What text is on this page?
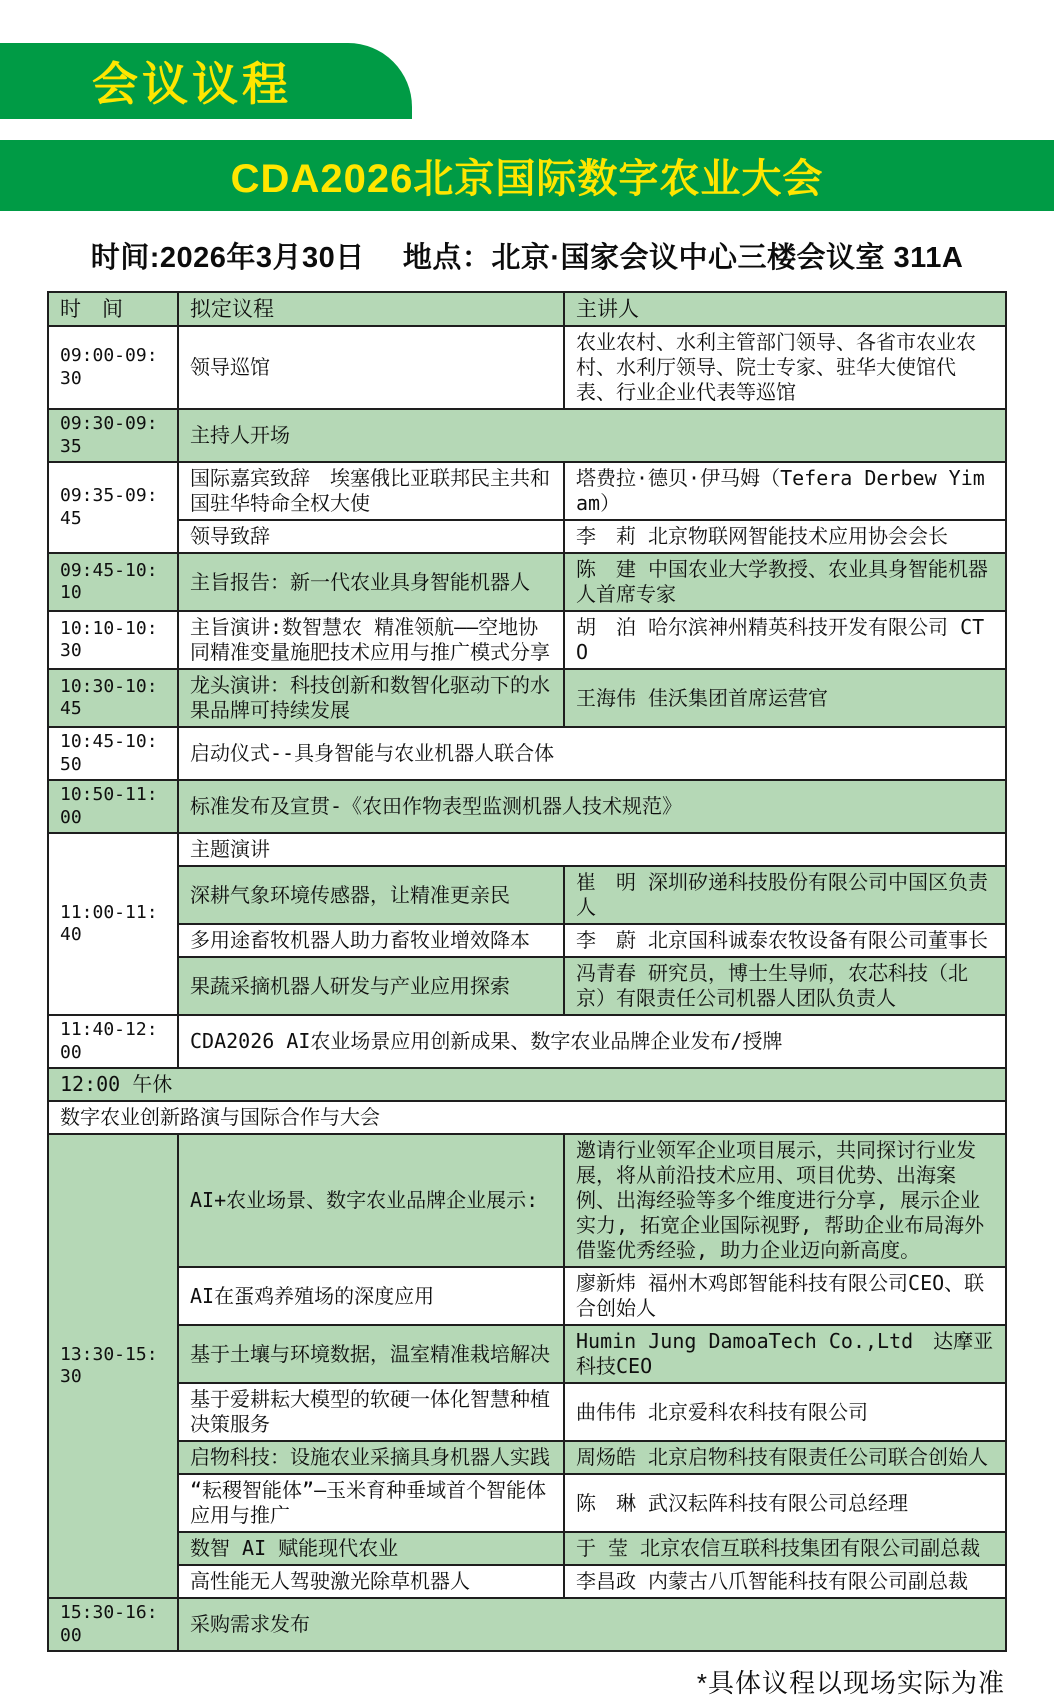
会议议程
CDA2026北京国际数字农业大会
时间:2026年3月30日　 地点：北京·国家会议中心三楼会议室 311A
时　间	拟定议程	主讲人
09:00-09:30	领导巡馆	农业农村、水利主管部门领导、各省市农业农村、水利厅领导、院士专家、驻华大使馆代表、行业企业代表等巡馆
09:30-09:35	主持人开场	
09:35-09:45	国际嘉宾致辞　埃塞俄比亚联邦民主共和国驻华特命全权大使	塔费拉·德贝·伊马姆（Tefera Derbew Yimam）
	领导致辞	李　莉 北京物联网智能技术应用协会会长
09:45-10:10	主旨报告：新一代农业具身智能机器人	陈　建 中国农业大学教授、农业具身智能机器人首席专家
10:10-10:30	主旨演讲:数智慧农 精准领航——空地协同精准变量施肥技术应用与推广模式分享	胡　泊 哈尔滨神州精英科技开发有限公司 CTO
10:30-10:45	龙头演讲：科技创新和数智化驱动下的水果品牌可持续发展	王海伟 佳沃集团首席运营官
10:45-10:50	启动仪式--具身智能与农业机器人联合体	
10:50-11:00	标准发布及宣贯-《农田作物表型监测机器人技术规范》	
11:00-11:40	主题演讲	
	深耕气象环境传感器，让精准更亲民	崔　明 深圳矽递科技股份有限公司中国区负责人
	多用途畜牧机器人助力畜牧业增效降本	李　蔚 北京国科诚泰农牧设备有限公司董事长
	果蔬采摘机器人研发与产业应用探索	冯青春 研究员，博士生导师，农芯科技（北京）有限责任公司机器人团队负责人
11:40-12:00	CDA2026 AI农业场景应用创新成果、数字农业品牌企业发布/授牌	
12:00 午休		
数字农业创新路演与国际合作与大会		
13:30-15:30	AI+农业场景、数字农业品牌企业展示:	邀请行业领军企业项目展示，共同探讨行业发展，将从前沿技术应用、项目优势、出海案例、出海经验等多个维度进行分享, 展示企业实力, 拓宽企业国际视野, 帮助企业布局海外借鉴优秀经验, 助力企业迈向新高度。
	AI在蛋鸡养殖场的深度应用	廖新炜 福州木鸡郎智能科技有限公司CEO、联合创始人
	基于土壤与环境数据，温室精准栽培解决	Humin Jung DamoaTech Co.,Ltd　达摩亚科技CEO
	基于爱耕耘大模型的软硬一体化智慧种植决策服务	曲伟伟 北京爱科农科技有限公司
	启物科技：设施农业采摘具身机器人实践	周炀皓 北京启物科技有限责任公司联合创始人
	“耘稷智能体”—玉米育种垂域首个智能体应用与推广	陈　琳 武汉耘阵科技有限公司总经理
	数智 AI 赋能现代农业	于 莹 北京农信互联科技集团有限公司副总裁
	高性能无人驾驶激光除草机器人	李昌政 内蒙古八爪智能科技有限公司副总裁
15:30-16:00	采购需求发布	
*具体议程以现场实际为准
